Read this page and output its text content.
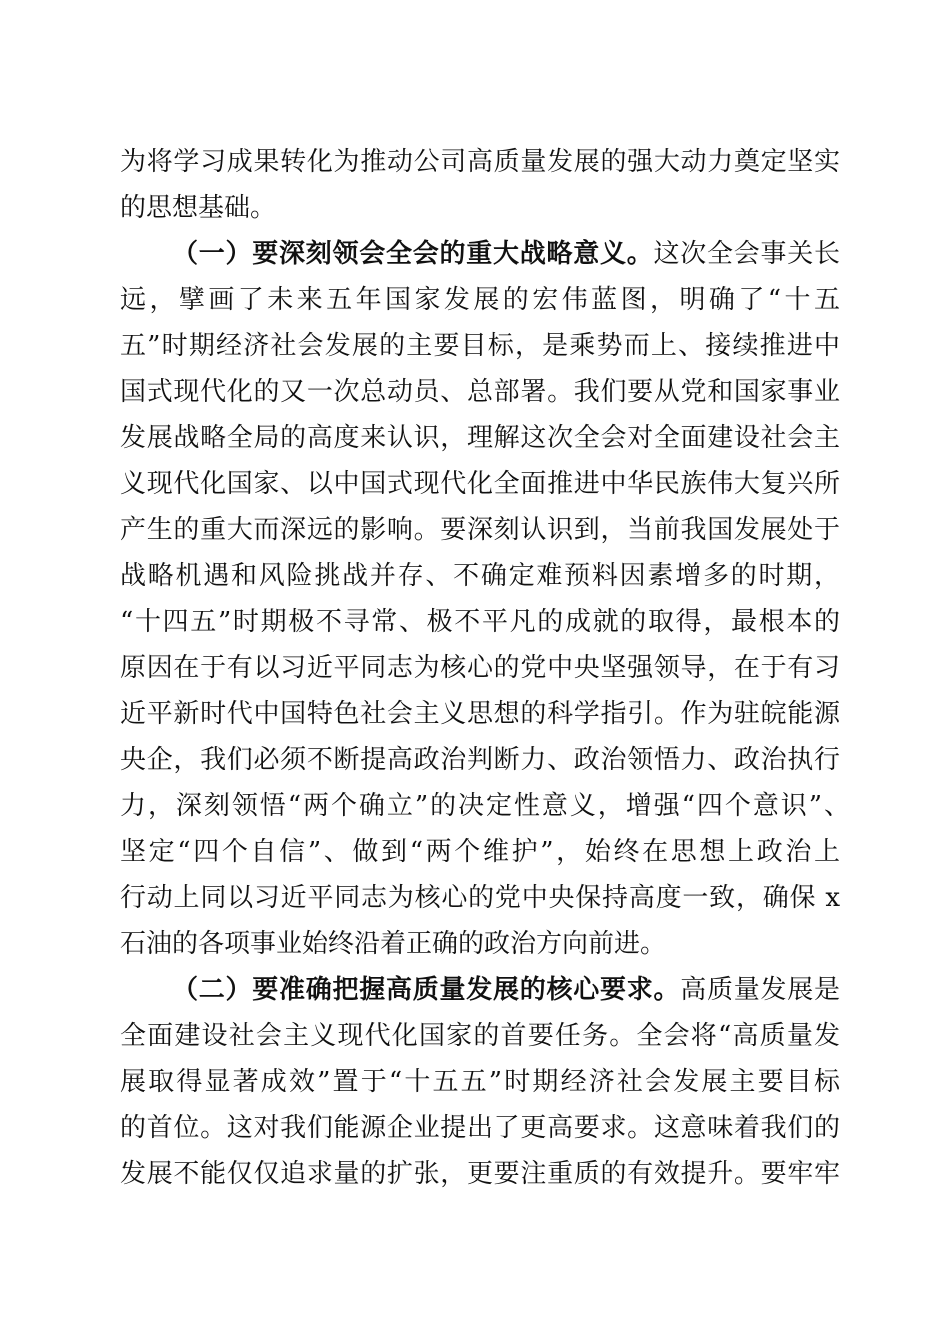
为将学习成果转化为推动公司高质量发展的强大动力奠定坚实
的思想基础。
（一）要深刻领会全会的重大战略意义。这次全会事关长
远，擘画了未来五年国家发展的宏伟蓝图，明确了“十五
五”时期经济社会发展的主要目标，是乘势而上、接续推进中
国式现代化的又一次总动员、总部署。我们要从党和国家事业
发展战略全局的高度来认识，理解这次全会对全面建设社会主
义现代化国家、以中国式现代化全面推进中华民族伟大复兴所
产生的重大而深远的影响。要深刻认识到，当前我国发展处于
战略机遇和风险挑战并存、不确定难预料因素增多的时期，
“十四五”时期极不寻常、极不平凡的成就的取得，最根本的
原因在于有以习近平同志为核心的党中央坚强领导，在于有习
近平新时代中国特色社会主义思想的科学指引。作为驻皖能源
央企，我们必须不断提高政治判断力、政治领悟力、政治执行
力，深刻领悟“两个确立”的决定性意义，增强“四个意识”、
坚定“四个自信”、做到“两个维护”，始终在思想上政治上
行动上同以习近平同志为核心的党中央保持高度一致，确保 x
石油的各项事业始终沿着正确的政治方向前进。
（二）要准确把握高质量发展的核心要求。高质量发展是
全面建设社会主义现代化国家的首要任务。全会将“高质量发
展取得显著成效”置于“十五五”时期经济社会发展主要目标
的首位。这对我们能源企业提出了更高要求。这意味着我们的
发展不能仅仅追求量的扩张，更要注重质的有效提升。要牢牢
